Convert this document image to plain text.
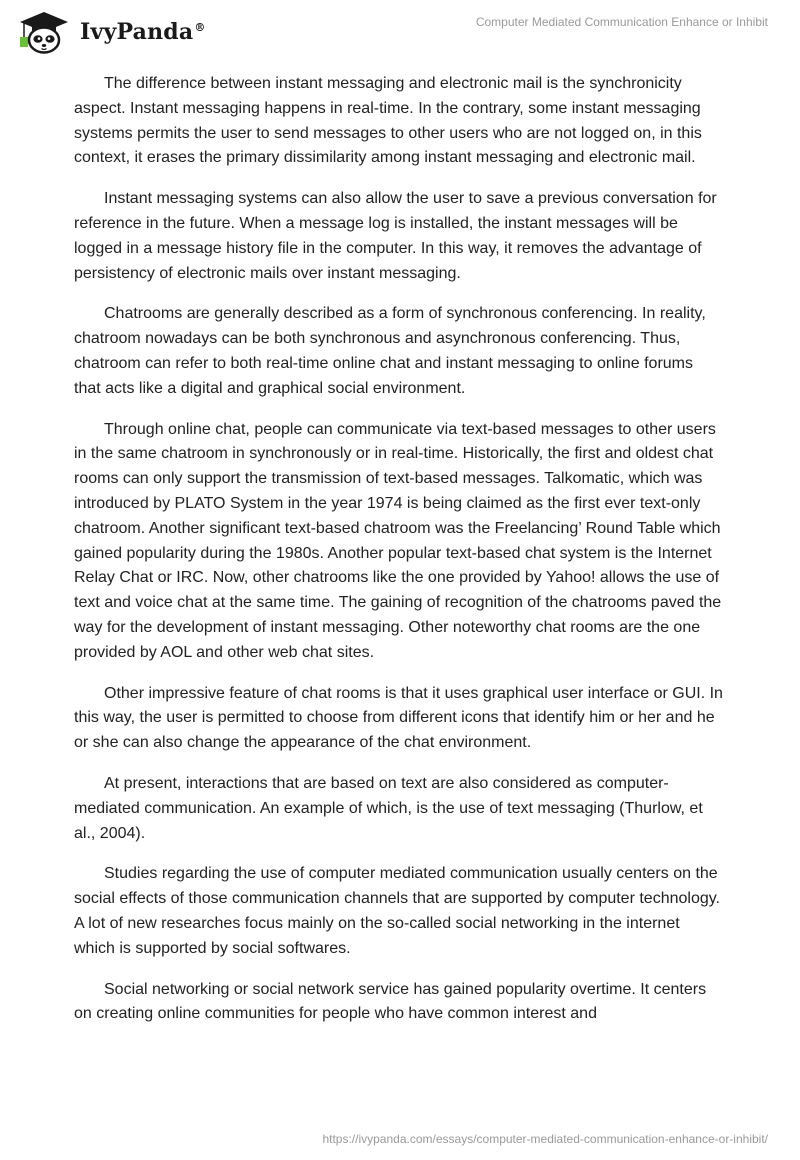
IvyPanda®	Computer Mediated Communication Enhance or Inhibit

The difference between instant messaging and electronic mail is the synchronicity aspect. Instant messaging happens in real-time. In the contrary, some instant messaging systems permits the user to send messages to other users who are not logged on, in this context, it erases the primary dissimilarity among instant messaging and electronic mail.

Instant messaging systems can also allow the user to save a previous conversation for reference in the future. When a message log is installed, the instant messages will be logged in a message history file in the computer. In this way, it removes the advantage of persistency of electronic mails over instant messaging.

Chatrooms are generally described as a form of synchronous conferencing. In reality, chatroom nowadays can be both synchronous and asynchronous conferencing. Thus, chatroom can refer to both real-time online chat and instant messaging to online forums that acts like a digital and graphical social environment.

Through online chat, people can communicate via text-based messages to other users in the same chatroom in synchronously or in real-time. Historically, the first and oldest chat rooms can only support the transmission of text-based messages. Talkomatic, which was introduced by PLATO System in the year 1974 is being claimed as the first ever text-only chatroom. Another significant text-based chatroom was the Freelancing’ Round Table which gained popularity during the 1980s. Another popular text-based chat system is the Internet Relay Chat or IRC. Now, other chatrooms like the one provided by Yahoo! allows the use of text and voice chat at the same time. The gaining of recognition of the chatrooms paved the way for the development of instant messaging. Other noteworthy chat rooms are the one provided by AOL and other web chat sites.

Other impressive feature of chat rooms is that it uses graphical user interface or GUI. In this way, the user is permitted to choose from different icons that identify him or her and he or she can also change the appearance of the chat environment.

At present, interactions that are based on text are also considered as computer-mediated communication. An example of which, is the use of text messaging (Thurlow, et al., 2004).

Studies regarding the use of computer mediated communication usually centers on the social effects of those communication channels that are supported by computer technology. A lot of new researches focus mainly on the so-called social networking in the internet which is supported by social softwares.

Social networking or social network service has gained popularity overtime. It centers on creating online communities for people who have common interest and

https://ivypanda.com/essays/computer-mediated-communication-enhance-or-inhibit/
